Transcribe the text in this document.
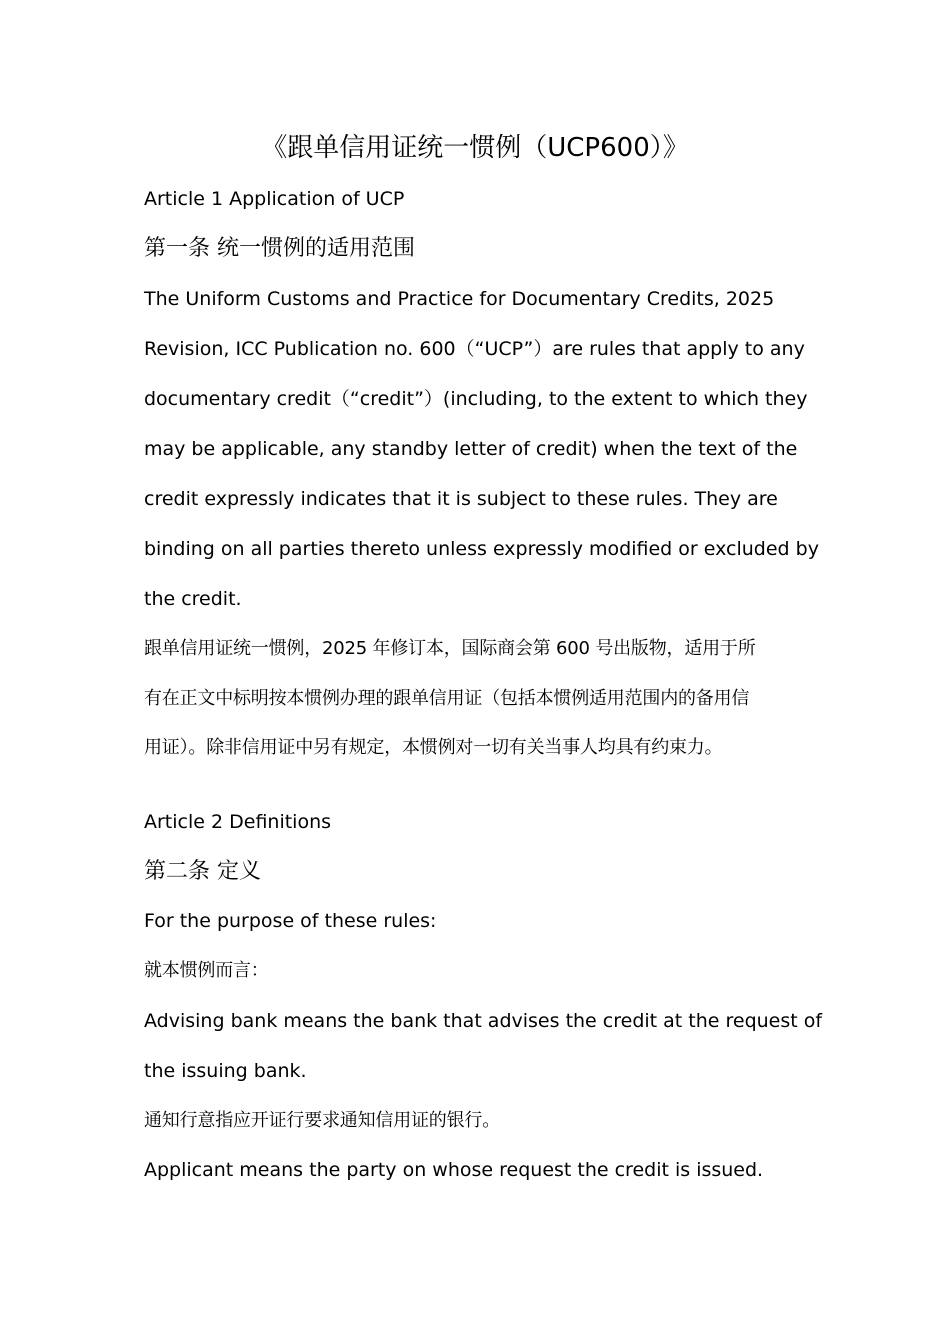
《跟单信用证统一惯例（UCP600）》
Article 1 Application of UCP
第一条 统一惯例的适用范围
The Uniform Customs and Practice for Documentary Credits, 2025
Revision, ICC Publication no. 600（“UCP”）are rules that apply to any
documentary credit（“credit”）(including, to the extent to which they
may be applicable, any standby letter of credit) when the text of the
credit expressly indicates that it is subject to these rules. They are
binding on all parties thereto unless expressly modified or excluded by
the credit.
跟单信用证统一惯例，2025 年修订本，国际商会第 600 号出版物，适用于所
有在正文中标明按本惯例办理的跟单信用证（包括本惯例适用范围内的备用信
用证）。除非信用证中另有规定，本惯例对一切有关当事人均具有约束力。
Article 2 Definitions
第二条 定义
For the purpose of these rules:
就本惯例而言：
Advising bank means the bank that advises the credit at the request of
the issuing bank.
通知行意指应开证行要求通知信用证的银行。
Applicant means the party on whose request the credit is issued.
